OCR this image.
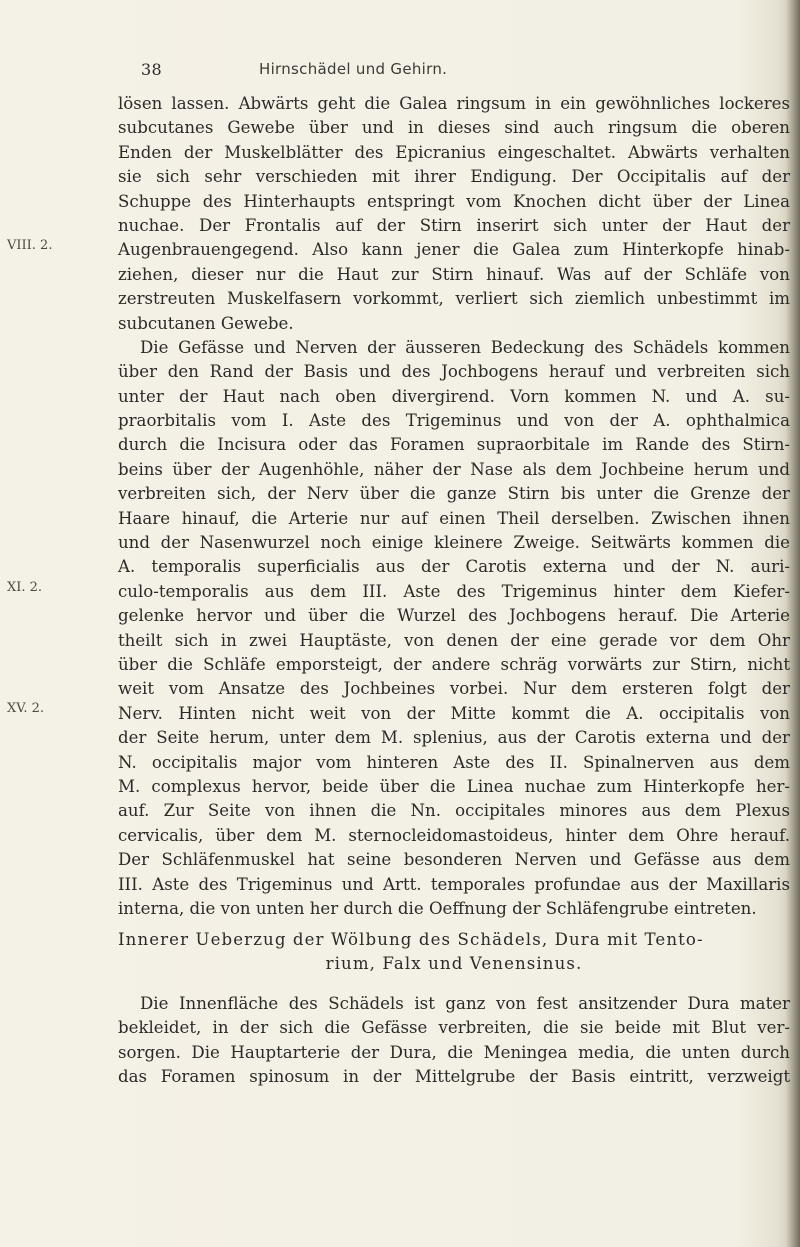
38	Hirnschädel und Gehirn.
VIII. 2.
XI. 2.
XV. 2.
lösen lassen. Abwärts geht die Galea ringsum in ein gewöhnliches lockeres
subcutanes Gewebe über und in dieses sind auch ringsum die oberen
Enden der Muskelblätter des Epicranius eingeschaltet. Abwärts verhalten
sie sich sehr verschieden mit ihrer Endigung. Der Occipitalis auf der
Schuppe des Hinterhaupts entspringt vom Knochen dicht über der Linea
nuchae. Der Frontalis auf der Stirn inserirt sich unter der Haut der
Augenbrauengegend. Also kann jener die Galea zum Hinterkopfe hinab-
ziehen, dieser nur die Haut zur Stirn hinauf. Was auf der Schläfe von
zerstreuten Muskelfasern vorkommt, verliert sich ziemlich unbestimmt im
subcutanen Gewebe.
Die Gefässe und Nerven der äusseren Bedeckung des Schädels kommen
über den Rand der Basis und des Jochbogens herauf und verbreiten sich
unter der Haut nach oben divergirend. Vorn kommen N. und A. su-
praorbitalis vom I. Aste des Trigeminus und von der A. ophthalmica
durch die Incisura oder das Foramen supraorbitale im Rande des Stirn-
beins über der Augenhöhle, näher der Nase als dem Jochbeine herum und
verbreiten sich, der Nerv über die ganze Stirn bis unter die Grenze der
Haare hinauf, die Arterie nur auf einen Theil derselben. Zwischen ihnen
und der Nasenwurzel noch einige kleinere Zweige. Seitwärts kommen die
A. temporalis superficialis aus der Carotis externa und der N. auri-
culo-temporalis aus dem III. Aste des Trigeminus hinter dem Kiefer-
gelenke hervor und über die Wurzel des Jochbogens herauf. Die Arterie
theilt sich in zwei Hauptäste, von denen der eine gerade vor dem Ohr
über die Schläfe emporsteigt, der andere schräg vorwärts zur Stirn, nicht
weit vom Ansatze des Jochbeines vorbei. Nur dem ersteren folgt der
Nerv. Hinten nicht weit von der Mitte kommt die A. occipitalis von
der Seite herum, unter dem M. splenius, aus der Carotis externa und der
N. occipitalis major vom hinteren Aste des II. Spinalnerven aus dem
M. complexus hervor, beide über die Linea nuchae zum Hinterkopfe her-
auf. Zur Seite von ihnen die Nn. occipitales minores aus dem Plexus
cervicalis, über dem M. sternocleidomastoideus, hinter dem Ohre herauf.
Der Schläfenmuskel hat seine besonderen Nerven und Gefässe aus dem
III. Aste des Trigeminus und Artt. temporales profundae aus der Maxillaris
interna, die von unten her durch die Oeffnung der Schläfengrube eintreten.
Innerer Ueberzug der Wölbung des Schädels, Dura mit Tento-
rium, Falx und Venensinus.
Die Innenfläche des Schädels ist ganz von fest ansitzender Dura mater
bekleidet, in der sich die Gefässe verbreiten, die sie beide mit Blut ver-
sorgen. Die Hauptarterie der Dura, die Meningea media, die unten durch
das Foramen spinosum in der Mittelgrube der Basis eintritt, verzweigt
